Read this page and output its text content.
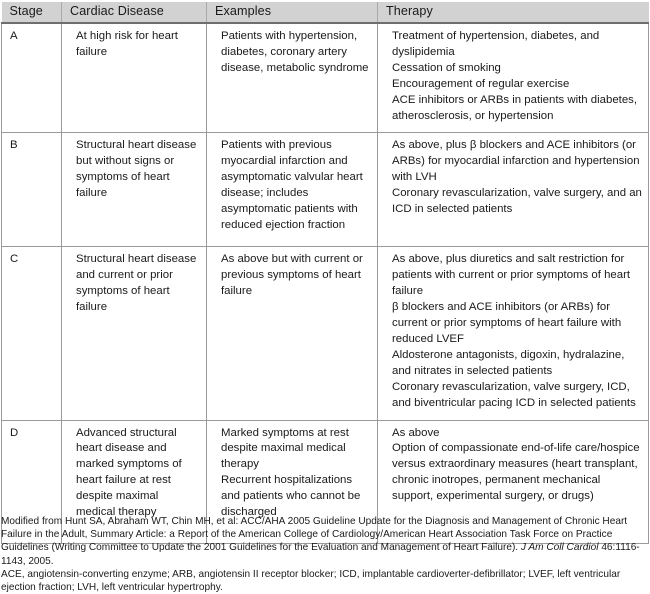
Stage	Cardiac Disease	Examples	Therapy
A	At high risk for heart failure	Patients with hypertension, diabetes, coronary artery disease, metabolic syndrome	Treatment of hypertension, diabetes, and dyslipidemia
Cessation of smoking
Encouragement of regular exercise
ACE inhibitors or ARBs in patients with diabetes, atherosclerosis, or hypertension

B	Structural heart disease but without signs or symptoms of heart failure	Patients with previous myocardial infarction and asymptomatic valvular heart disease; includes asymptomatic patients with reduced ejection fraction	As above, plus β blockers and ACE inhibitors (or ARBs) for myocardial infarction and hypertension with LVH
Coronary revascularization, valve surgery, and an ICD in selected patients

C	Structural heart disease and current or prior symptoms of heart failure	As above but with current or previous symptoms of heart failure	As above, plus diuretics and salt restriction for patients with current or prior symptoms of heart failure
β blockers and ACE inhibitors (or ARBs) for current or prior symptoms of heart failure with reduced LVEF
Aldosterone antagonists, digoxin, hydralazine, and nitrates in selected patients
Coronary revascularization, valve surgery, ICD, and biventricular pacing ICD in selected patients

D	Advanced structural heart disease and marked symptoms of heart failure at rest despite maximal medical therapy	Marked symptoms at rest despite maximal medical therapy
Recurrent hospitalizations and patients who cannot be discharged	As above
Option of compassionate end-of-life care/hospice versus extraordinary measures (heart transplant, chronic inotropes, permanent mechanical support, experimental surgery, or drugs)

Modified from Hunt SA, Abraham WT, Chin MH, et al: ACC/AHA 2005 Guideline Update for the Diagnosis and Management of Chronic Heart Failure in the Adult, Summary Article: a Report of the American College of Cardiology/American Heart Association Task Force on Practice Guidelines (Writing Committee to Update the 2001 Guidelines for the Evaluation and Management of Heart Failure). J Am Coll Cardiol 46:1116-1143, 2005.

ACE, angiotensin-converting enzyme; ARB, angiotensin II receptor blocker; ICD, implantable cardioverter-defibrillator; LVEF, left ventricular ejection fraction; LVH, left ventricular hypertrophy.
